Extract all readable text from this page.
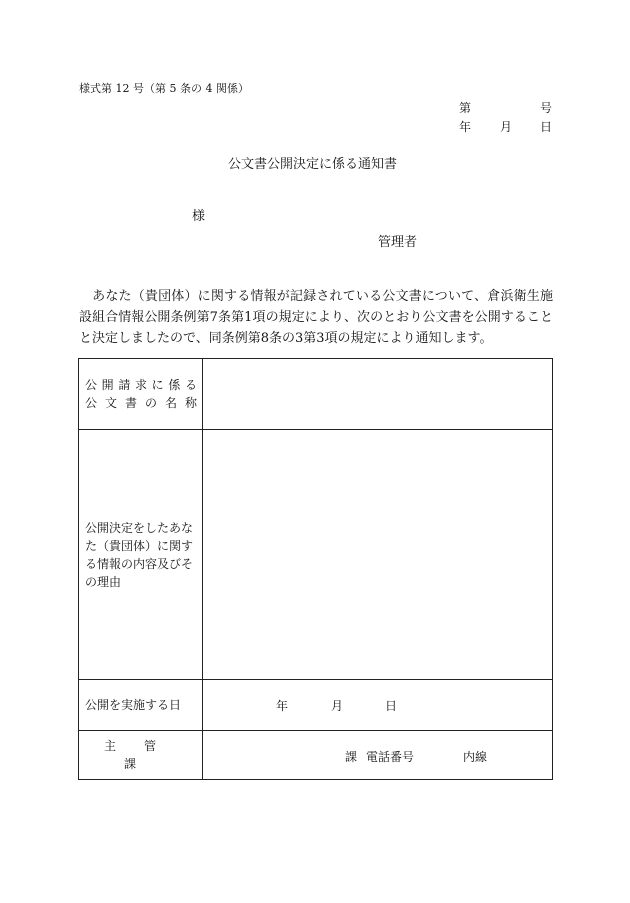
様式第 12 号（第 5 条の 4 関係）
第	号
年 月 日
公文書公開決定に係る通知書
様
管理者
　あなた（貴団体）に関する情報が記録されている公文書について、倉浜衛生施設組合情報公開条例第7条第1項の規定により、次のとおり公文書を公開することと決定しましたので、同条例第8条の3第3項の規定により通知します。
公開請求に係る
公文書の名称	

公開決定をしたあなた（貴団体）に関する情報の内容及びその理由	
公開を実施する日	年 月 日

主管課	課 電話番号 内線
